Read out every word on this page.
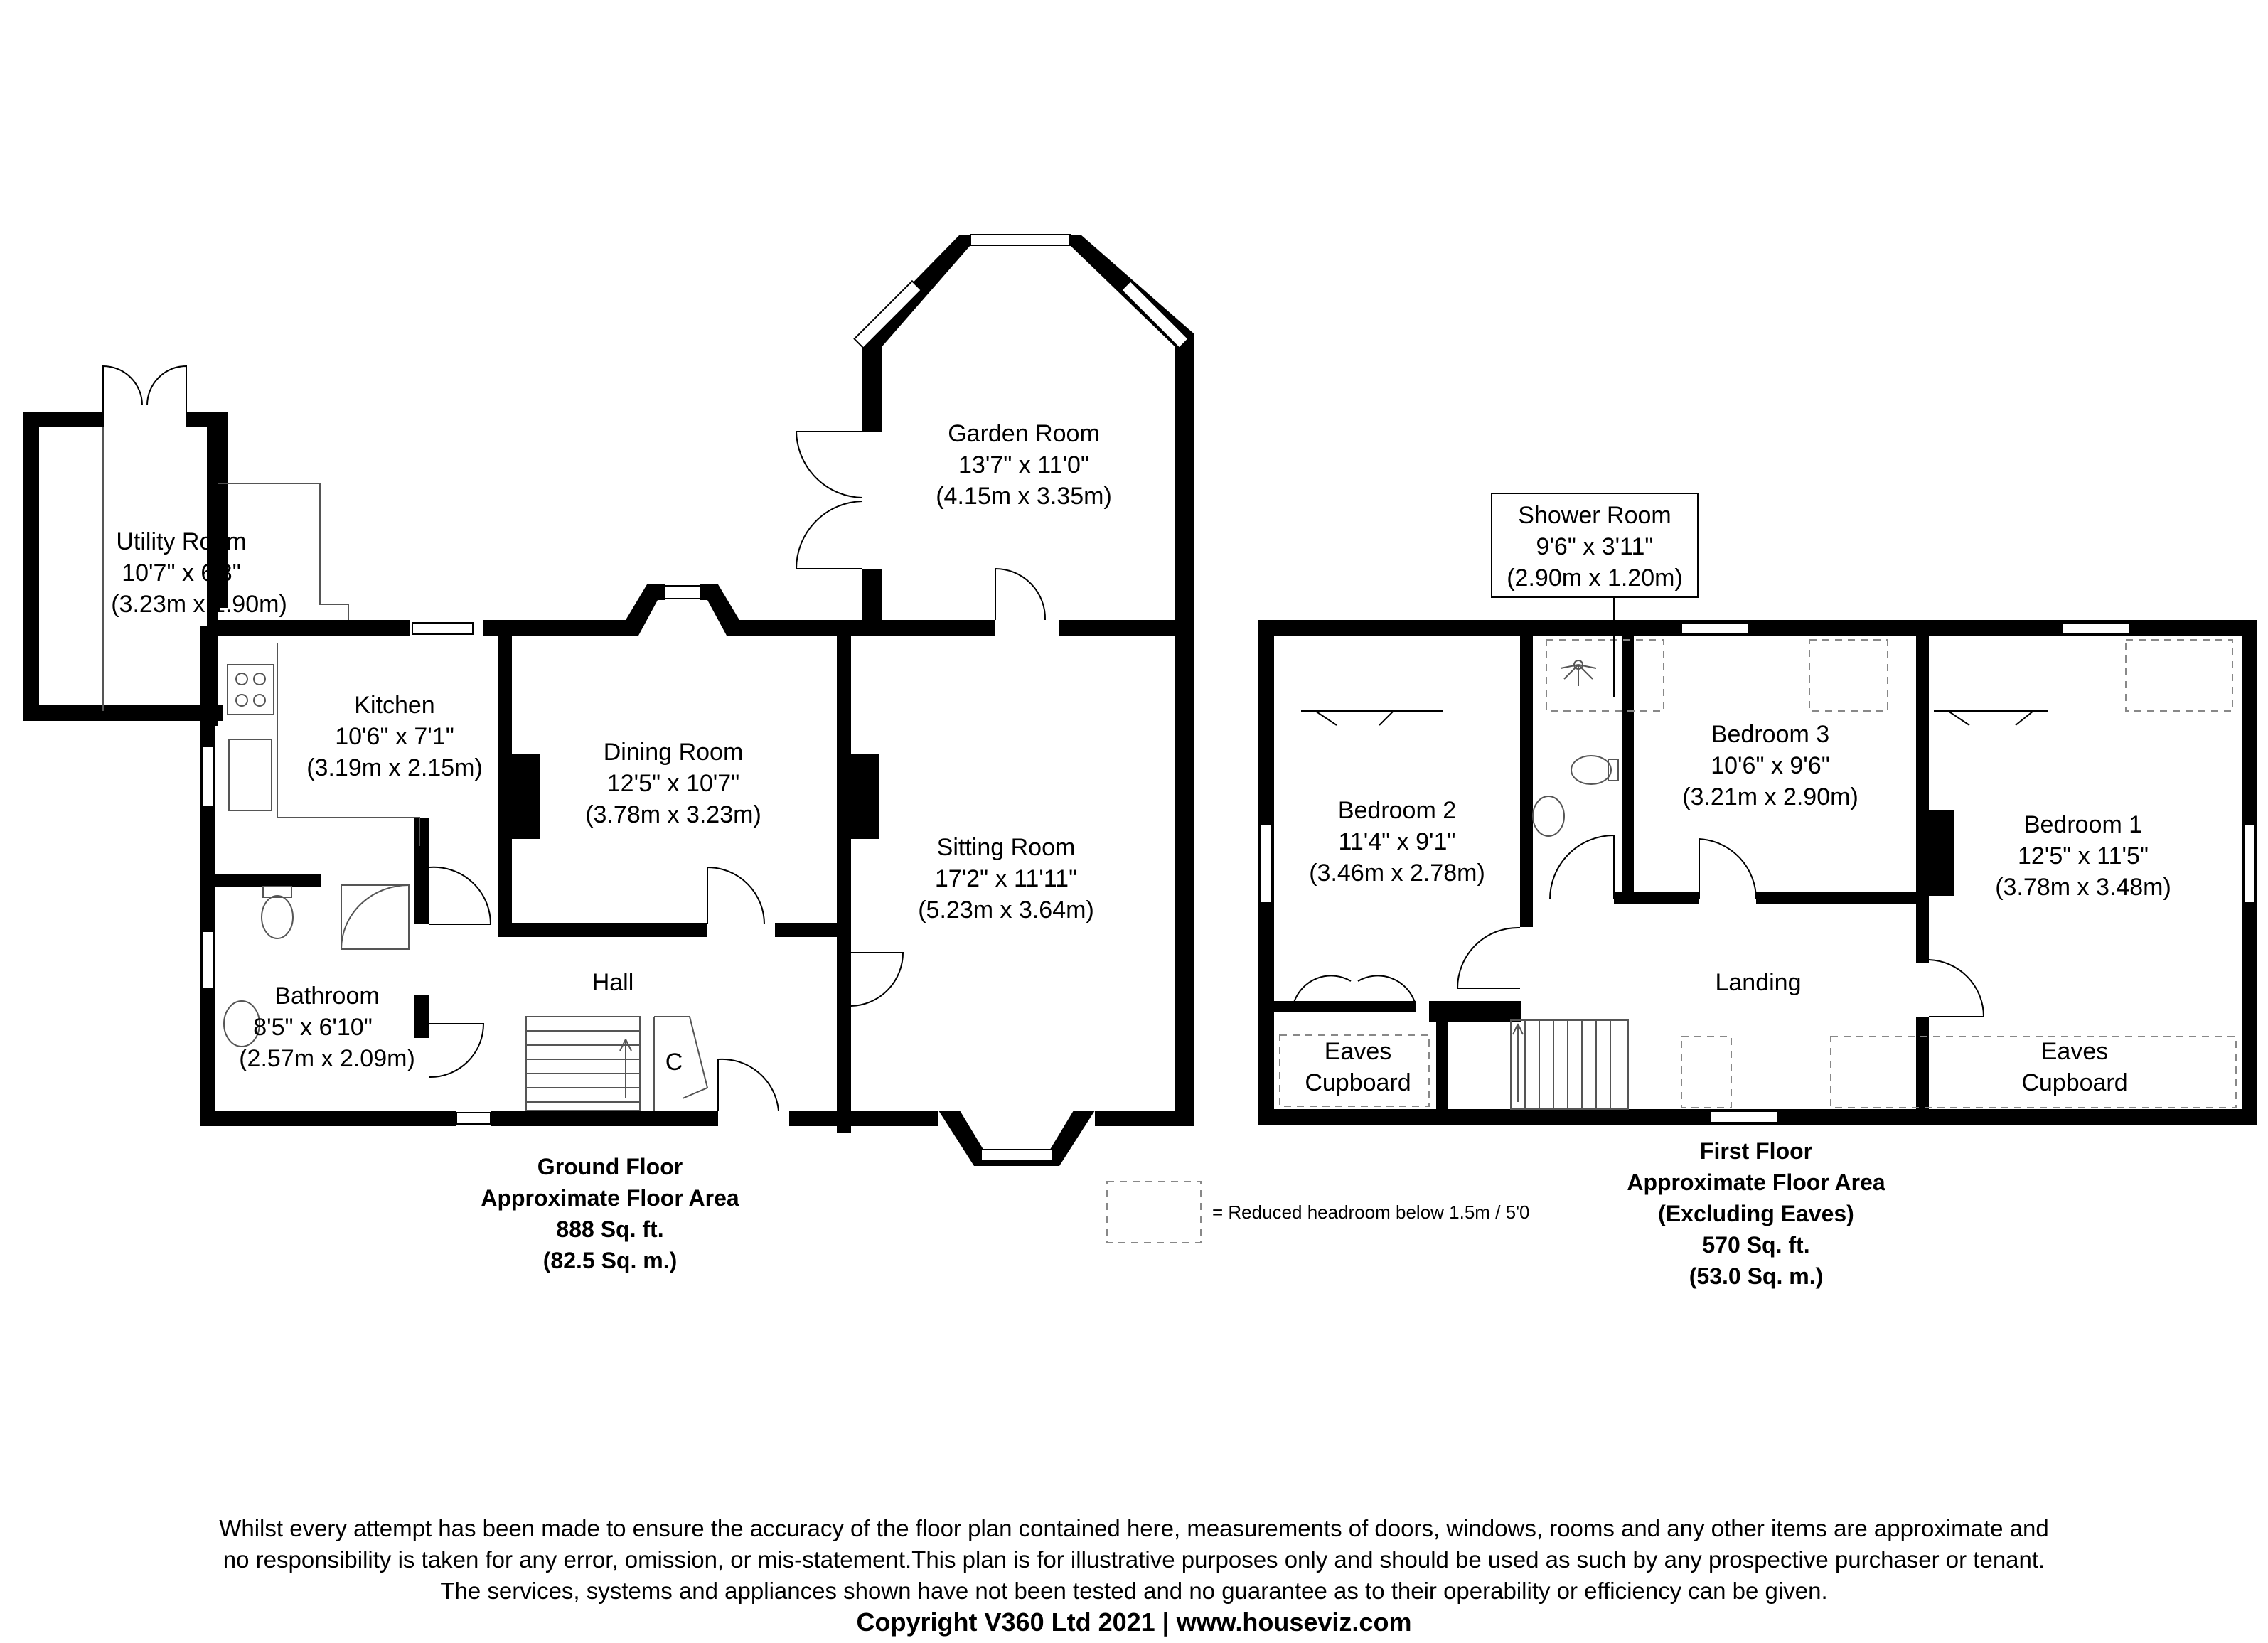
Utility Room
10'7" x 6'3"
(3.23m x 1.90m)
Kitchen
10'6" x 7'1"
(3.19m x 2.15m)
Dining Room
12'5" x 10'7"
(3.78m x 3.23m)
Garden Room
13'7" x 11'0"
(4.15m x 3.35m)
Sitting Room
17'2" x 11'11"
(5.23m x 3.64m)
Bathroom
8'5" x 6'10"
(2.57m x 2.09m)
Hall
C
Ground Floor
Approximate Floor Area
888 Sq. ft.
(82.5 Sq. m.)
Shower Room
9'6" x 3'11"
(2.90m x 1.20m)
Bedroom 2
11'4" x 9'1"
(3.46m x 2.78m)
Bedroom 3
10'6" x 9'6"
(3.21m x 2.90m)
Bedroom 1
12'5" x 11'5"
(3.78m x 3.48m)
Landing
Eaves
Cupboard
Eaves
Cupboard
First Floor
Approximate Floor Area
(Excluding Eaves)
570 Sq. ft.
(53.0 Sq. m.)
= Reduced headroom below 1.5m / 5'0
Whilst every attempt has been made to ensure the accuracy of the floor plan contained here, measurements of doors, windows, rooms and any other items are approximate and
no responsibility is taken for any error, omission, or mis-statement.This plan is for illustrative purposes only and should be used as such by any prospective purchaser or tenant.
The services, systems and appliances shown have not been tested and no guarantee as to their operability or efficiency can be given.
Copyright V360 Ltd 2021 | www.houseviz.com
